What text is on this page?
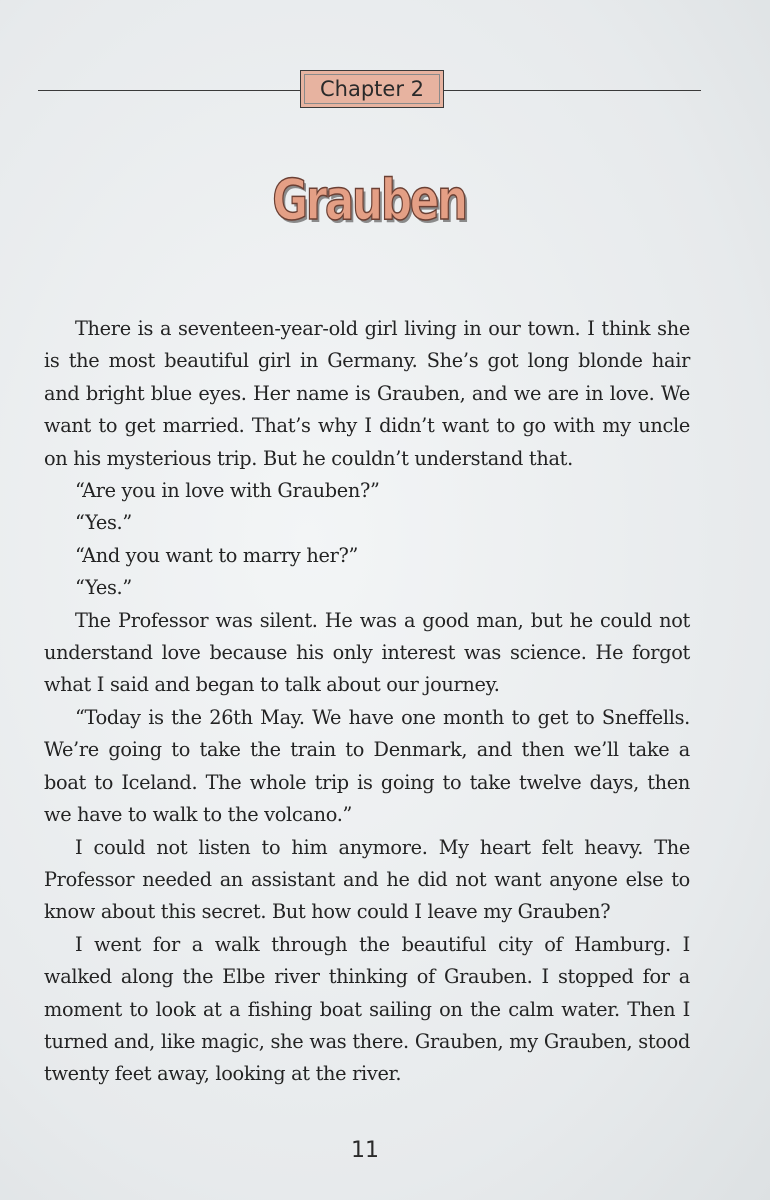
Chapter 2
Grauben

There is a seventeen-year-old girl living in our town. I think she is the most beautiful girl in Germany. She’s got long blonde hair and bright blue eyes. Her name is Grauben, and we are in love. We want to get married. That’s why I didn’t want to go with my uncle on his mysterious trip. But he couldn’t understand that.

“Are you in love with Grauben?”

“Yes.”

“And you want to marry her?”

“Yes.”

The Professor was silent. He was a good man, but he could not understand love because his only interest was science. He forgot what I said and began to talk about our journey.

“Today is the 26th May. We have one month to get to Sneffells. We’re going to take the train to Denmark, and then we’ll take a boat to Iceland. The whole trip is going to take twelve days, then we have to walk to the volcano.”

I could not listen to him anymore. My heart felt heavy. The Professor needed an assistant and he did not want anyone else to know about this secret. But how could I leave my Grauben?

I went for a walk through the beautiful city of Hamburg. I walked along the Elbe river thinking of Grauben. I stopped for a moment to look at a fishing boat sailing on the calm water. Then I turned and, like magic, she was there. Grauben, my Grauben, stood twenty feet away, looking at the river.

11
